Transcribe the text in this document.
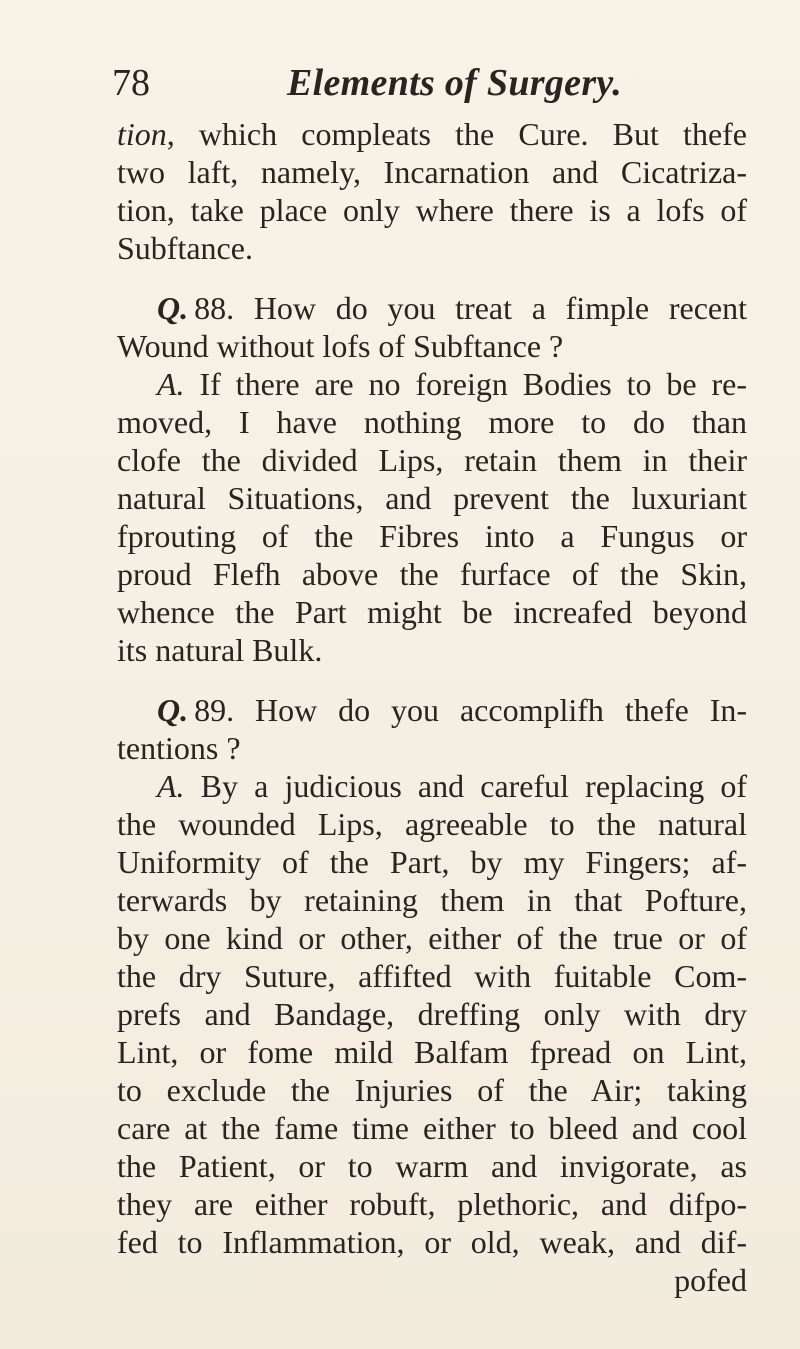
78	Elements of Surgery.
tion, which compleats the Cure. But thefe
two laft, namely, Incarnation and Cicatriza-
tion, take place only where there is a lofs of
Subftance.
Q. 88. How do you treat a fimple recent
Wound without lofs of Subftance ?
A. If there are no foreign Bodies to be re-
moved, I have nothing more to do than
clofe the divided Lips, retain them in their
natural Situations, and prevent the luxuriant
fprouting of the Fibres into a Fungus or
proud Flefh above the furface of the Skin,
whence the Part might be increafed beyond
its natural Bulk.
Q. 89. How do you accomplifh thefe In-
tentions ?
A. By a judicious and careful replacing of
the wounded Lips, agreeable to the natural
Uniformity of the Part, by my Fingers; af-
terwards by retaining them in that Pofture,
by one kind or other, either of the true or of
the dry Suture, affifted with fuitable Com-
prefs and Bandage, dreffing only with dry
Lint, or fome mild Balfam fpread on Lint,
to exclude the Injuries of the Air; taking
care at the fame time either to bleed and cool
the Patient, or to warm and invigorate, as
they are either robuft, plethoric, and difpo-
fed to Inflammation, or old, weak, and dif-
pofed
